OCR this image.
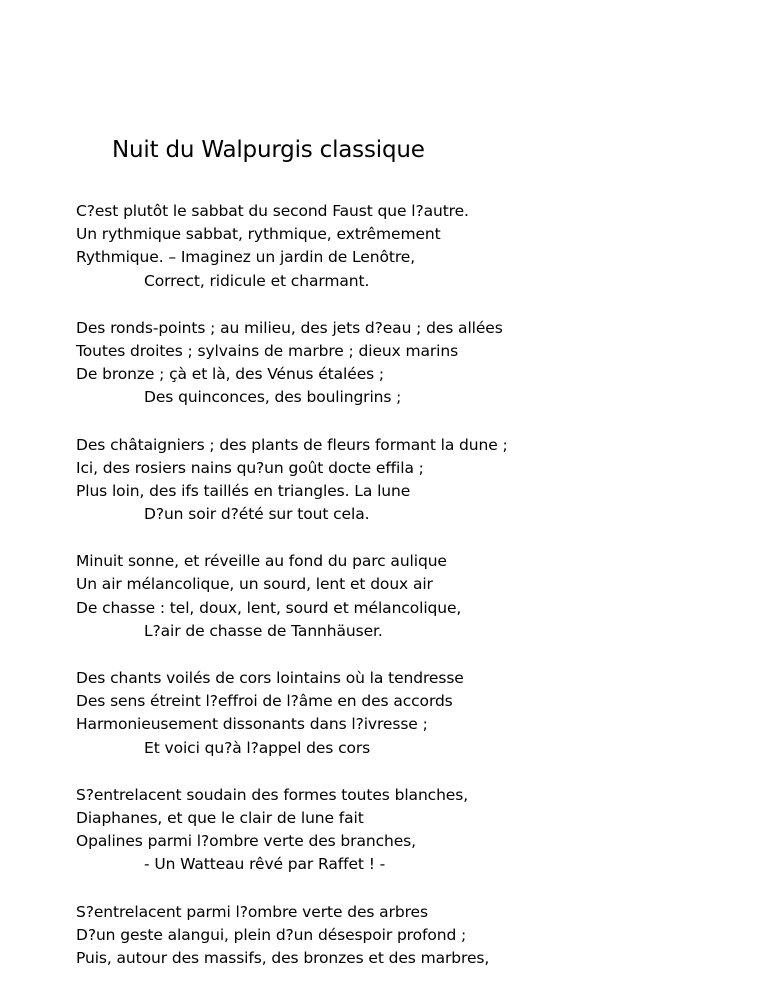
Nuit du Walpurgis classique
C?est plutôt le sabbat du second Faust que l?autre.
Un rythmique sabbat, rythmique, extrêmement
Rythmique. – Imaginez un jardin de Lenôtre,
Correct, ridicule et charmant.
Des ronds-points ; au milieu, des jets d?eau ; des allées
Toutes droites ; sylvains de marbre ; dieux marins
De bronze ; çà et là, des Vénus étalées ;
Des quinconces, des boulingrins ;
Des châtaigniers ; des plants de fleurs formant la dune ;
Ici, des rosiers nains qu?un goût docte effila ;
Plus loin, des ifs taillés en triangles. La lune
D?un soir d?été sur tout cela.
Minuit sonne, et réveille au fond du parc aulique
Un air mélancolique, un sourd, lent et doux air
De chasse : tel, doux, lent, sourd et mélancolique,
L?air de chasse de Tannhäuser.
Des chants voilés de cors lointains où la tendresse
Des sens étreint l?effroi de l?âme en des accords
Harmonieusement dissonants dans l?ivresse ;
Et voici qu?à l?appel des cors
S?entrelacent soudain des formes toutes blanches,
Diaphanes, et que le clair de lune fait
Opalines parmi l?ombre verte des branches,
- Un Watteau rêvé par Raffet ! -
S?entrelacent parmi l?ombre verte des arbres
D?un geste alangui, plein d?un désespoir profond ;
Puis, autour des massifs, des bronzes et des marbres,
